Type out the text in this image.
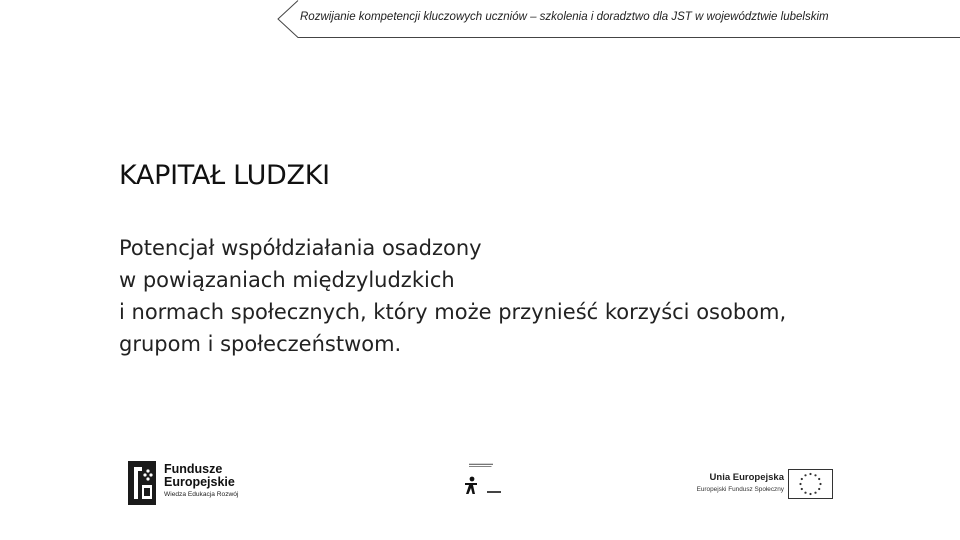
Rozwijanie kompetencji kluczowych uczniów – szkolenia i doradztwo dla JST w województwie lubelskim
KAPITAŁ LUDZKI

Potencjał współdziałania osadzony
w powiązaniach międzyludzkich
i normach społecznych, który może przynieść korzyści osobom,
grupom i społeczeństwom.

Fundusze
Europejskie
Wiedza Edukacja Rozwój
Unia Europejska
Europejski Fundusz Społeczny
